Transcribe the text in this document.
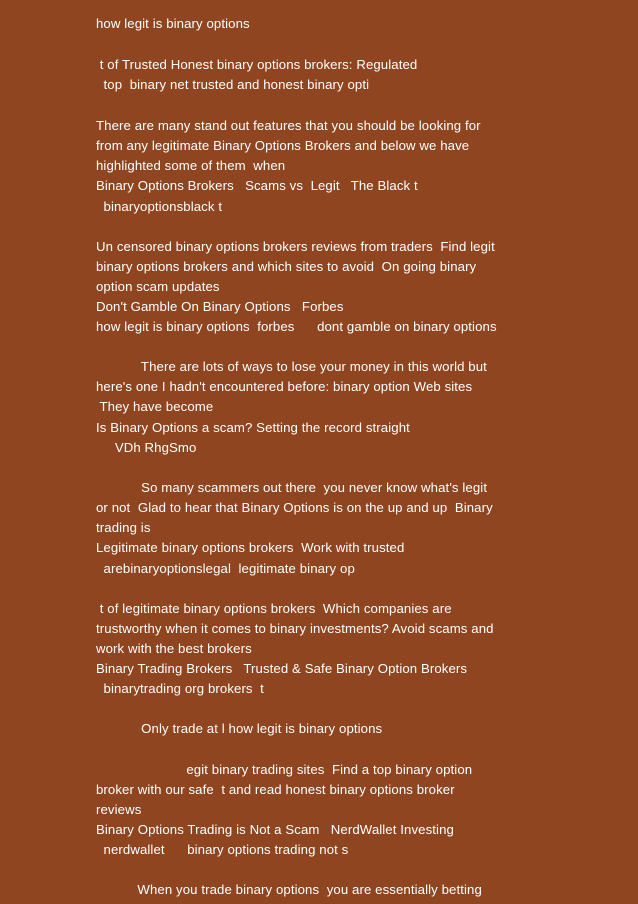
how legit is binary options
t of Trusted Honest binary options brokers: Regulated
top  binary net trusted and honest binary opti
There are many stand out features that you should be looking for
from any legitimate Binary Options Brokers and below we have
highlighted some of them  when
Binary Options Brokers   Scams vs  Legit   The Black t
binaryoptionsblack t
Un censored binary options brokers reviews from traders  Find legit
binary options brokers and which sites to avoid  On going binary
option scam updates
Don't Gamble On Binary Options   Forbes
how legit is binary options  forbes      dont gamble on binary options
There are lots of ways to lose your money in this world but
here's one I hadn't encountered before: binary option Web sites
They have become
Is Binary Options a scam? Setting the record straight
VDh RhgSmo
So many scammers out there  you never know what's legit
or not  Glad to hear that Binary Options is on the up and up  Binary
trading is
Legitimate binary options brokers  Work with trusted
arebinaryoptionslegal  legitimate binary op
t of legitimate binary options brokers  Which companies are
trustworthy when it comes to binary investments? Avoid scams and
work with the best brokers
Binary Trading Brokers   Trusted & Safe Binary Option Brokers
binarytrading org brokers  t
Only trade at l how legit is binary options
egit binary trading sites  Find a top binary option
broker with our safe  t and read honest binary options broker
reviews
Binary Options Trading is Not a Scam   NerdWallet Investing
nerdwallet      binary options trading not s
When you trade binary options  you are essentially betting
